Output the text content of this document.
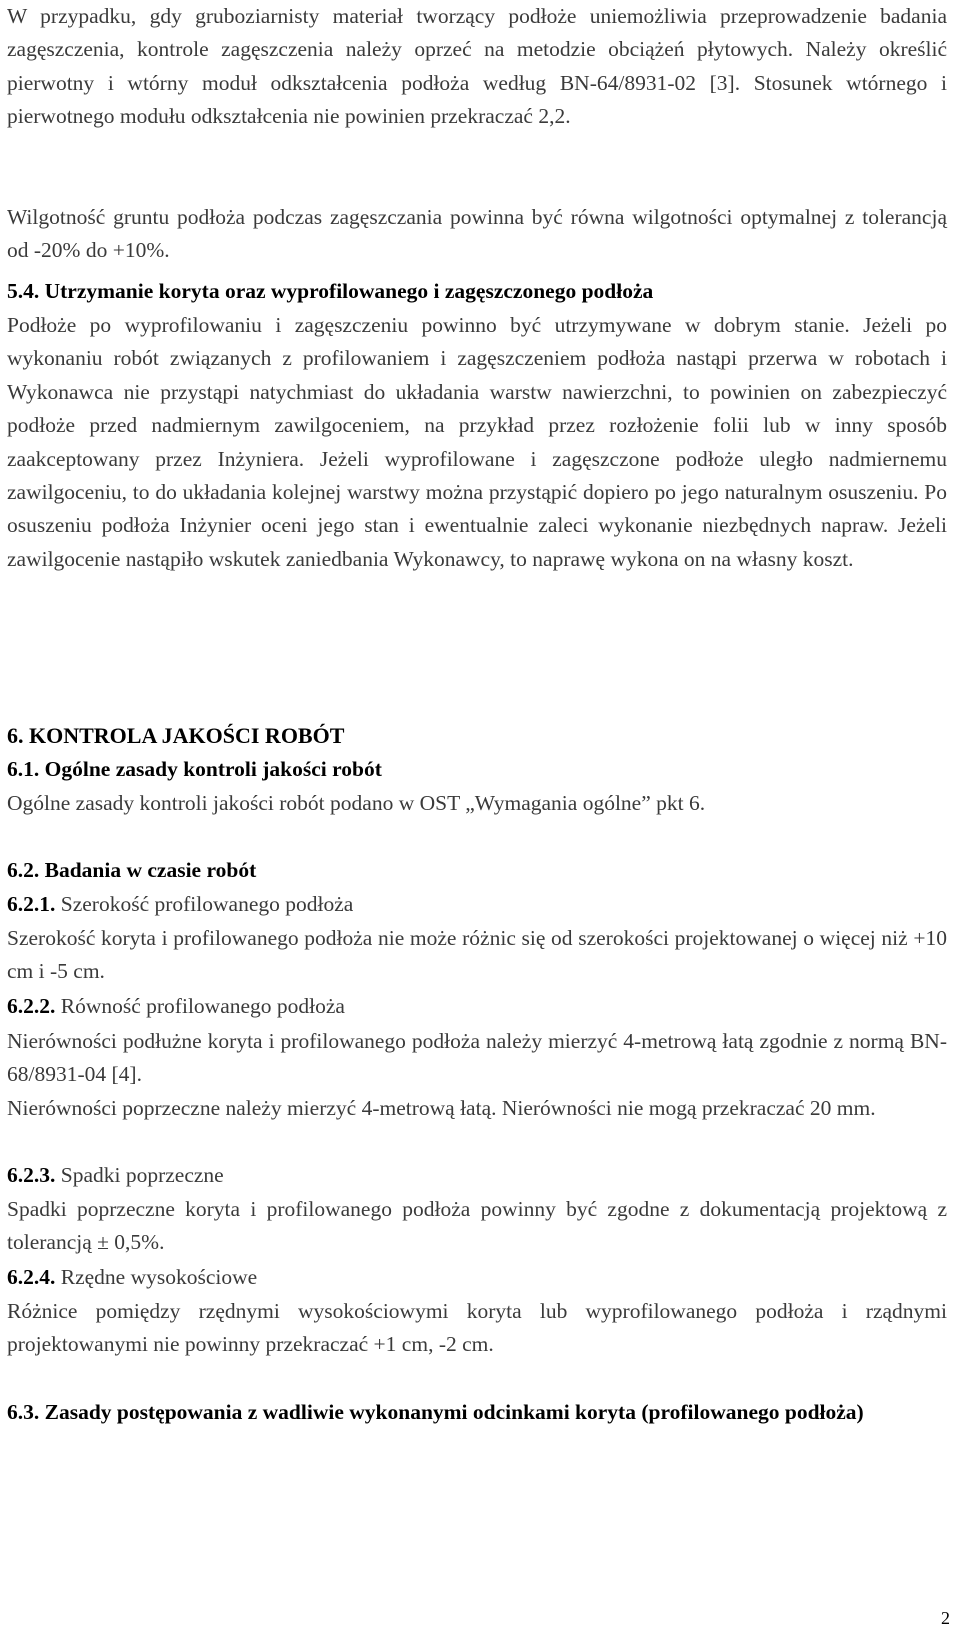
W przypadku, gdy gruboziarnisty materiał tworzący podłoże uniemożliwia przeprowadzenie badania zagęszczenia, kontrole zagęszczenia należy oprzeć na metodzie obciążeń płytowych. Należy określić pierwotny i wtórny moduł odkształcenia podłoża według BN-64/8931-02 [3]. Stosunek wtórnego i pierwotnego modułu odkształcenia nie powinien przekraczać 2,2.

Wilgotność gruntu podłoża podczas zagęszczania powinna być równa wilgotności optymalnej z tolerancją od -20% do +10%.

5.4. Utrzymanie koryta oraz wyprofilowanego i zagęszczonego podłoża

Podłoże po wyprofilowaniu i zagęszczeniu powinno być utrzymywane w dobrym stanie. Jeżeli po wykonaniu robót związanych z profilowaniem i zagęszczeniem podłoża nastąpi przerwa w robotach i Wykonawca nie przystąpi natychmiast do układania warstw nawierzchni, to powinien on zabezpieczyć podłoże przed nadmiernym zawilgoceniem, na przykład przez rozłożenie folii lub w inny sposób zaakceptowany przez Inżyniera. Jeżeli wyprofilowane i zagęszczone podłoże uległo nadmiernemu zawilgoceniu, to do układania kolejnej warstwy można przystąpić dopiero po jego naturalnym osuszeniu. Po osuszeniu podłoża Inżynier oceni jego stan i ewentualnie zaleci wykonanie niezbędnych napraw. Jeżeli zawilgocenie nastąpiło wskutek zaniedbania Wykonawcy, to naprawę wykona on na własny koszt.

6. KONTROLA JAKOŚCI ROBÓT

6.1. Ogólne zasady kontroli jakości robót

Ogólne zasady kontroli jakości robót podano w OST „Wymagania ogólne” pkt 6.

6.2. Badania w czasie robót

6.2.1. Szerokość profilowanego podłoża

Szerokość koryta i profilowanego podłoża nie może różnic się od szerokości projektowanej o więcej niż +10 cm i -5 cm.

6.2.2. Równość profilowanego podłoża

Nierówności podłużne koryta i profilowanego podłoża należy mierzyć 4-metrową łatą zgodnie z normą BN-68/8931-04 [4].

Nierówności poprzeczne należy mierzyć 4-metrową łatą. Nierówności nie mogą przekraczać 20 mm.

6.2.3. Spadki poprzeczne

Spadki poprzeczne koryta i profilowanego podłoża powinny być zgodne z dokumentacją projektową z tolerancją ± 0,5%.

6.2.4. Rzędne wysokościowe

Różnice pomiędzy rzędnymi wysokościowymi koryta lub wyprofilowanego podłoża i rządnymi projektowanymi nie powinny przekraczać +1 cm, -2 cm.

6.3. Zasady postępowania z wadliwie wykonanymi odcinkami koryta (profilowanego podłoża)

2
